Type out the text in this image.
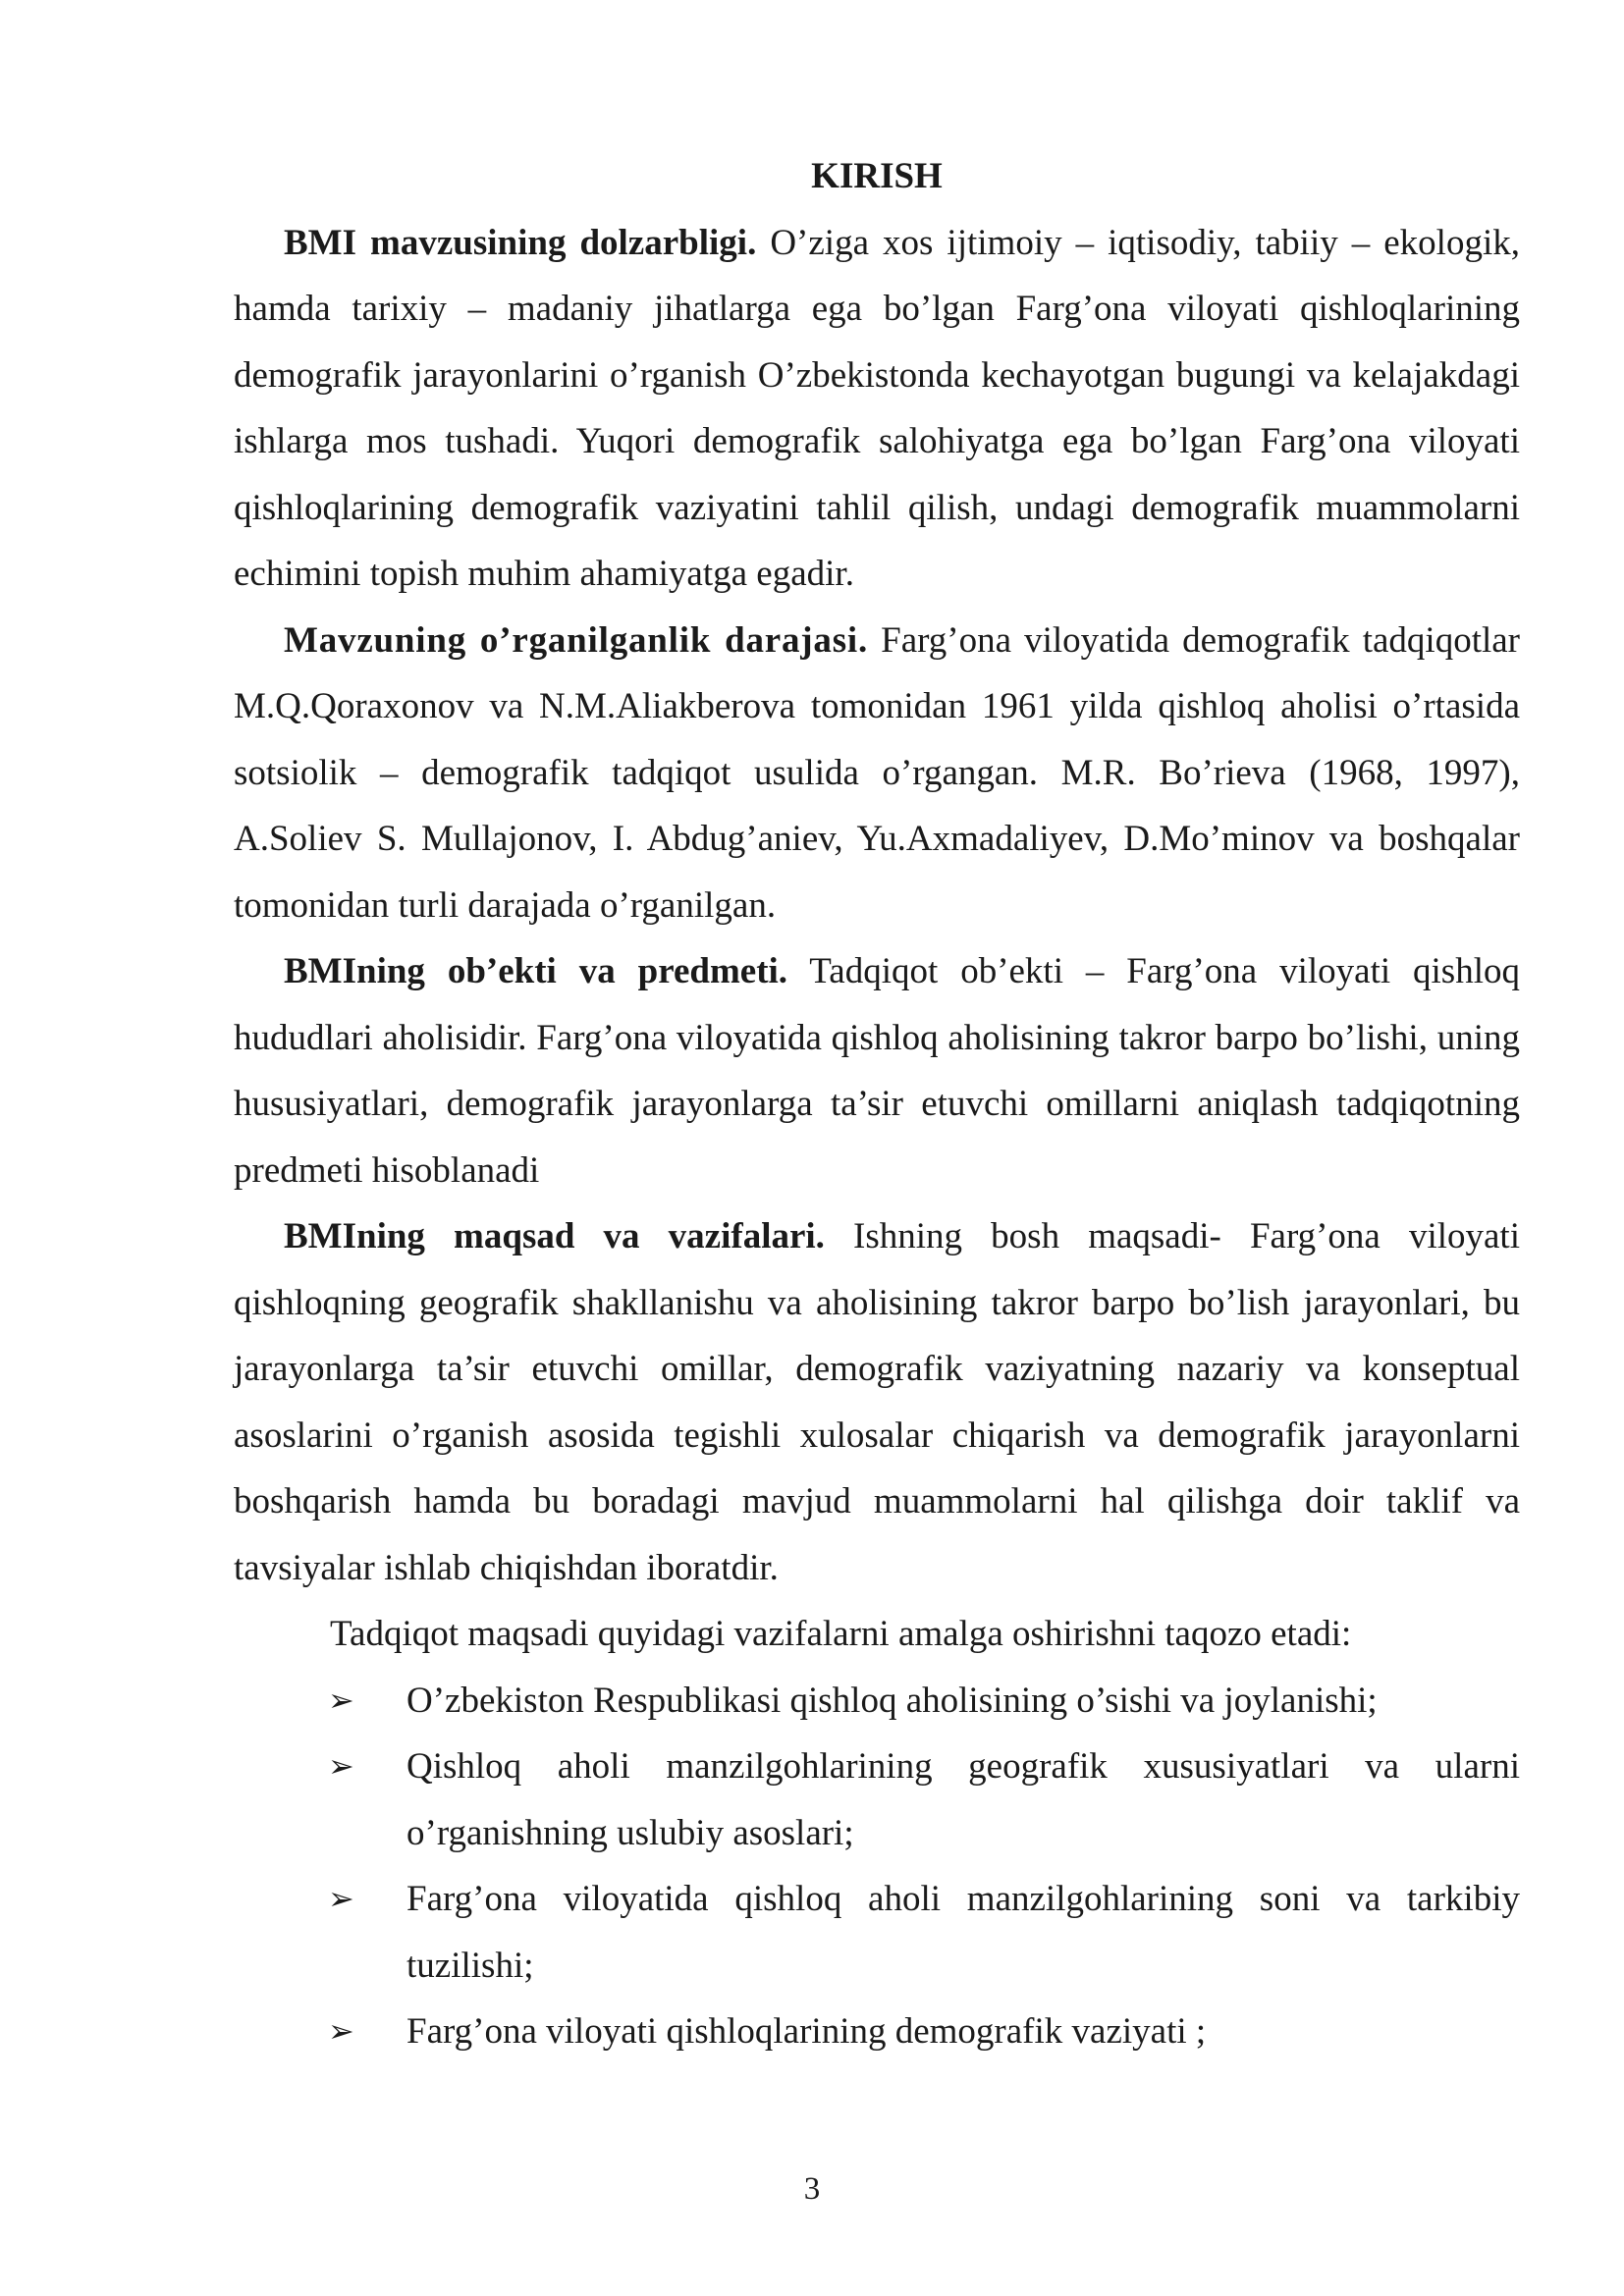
KIRISH

BMI mavzusining dolzarbligi. O’ziga xos ijtimoiy – iqtisodiy, tabiiy – ekologik, hamda tarixiy – madaniy jihatlarga ega bo’lgan Farg’ona viloyati qishloqlarining demografik jarayonlarini o’rganish O’zbekistonda kechayotgan bugungi va kelajakdagi ishlarga mos tushadi. Yuqori demografik salohiyatga ega bo’lgan Farg’ona viloyati qishloqlarining demografik vaziyatini tahlil qilish, undagi demografik muammolarni echimini topish muhim ahamiyatga egadir.

Mavzuning o’rganilganlik darajasi. Farg’ona viloyatida demografik tadqiqotlar M.Q.Qoraxonov va N.M.Aliakberova tomonidan 1961 yilda qishloq aholisi o’rtasida sotsiolik – demografik tadqiqot usulida o’rgangan. M.R. Bo’rieva (1968, 1997), A.Soliev S. Mullajonov, I. Abdug’aniev, Yu.Axmadaliyev, D.Mo’minov va boshqalar tomonidan turli darajada o’rganilgan.

BMIning ob’ekti va predmeti. Tadqiqot ob’ekti – Farg’ona viloyati qishloq hududlari aholisidir. Farg’ona viloyatida qishloq aholisining takror barpo bo’lishi, uning hususiyatlari, demografik jarayonlarga ta’sir etuvchi omillarni aniqlash tadqiqotning predmeti hisoblanadi

BMIning maqsad va vazifalari. Ishning bosh maqsadi- Farg’ona viloyati qishloqning geografik shakllanishu va aholisining takror barpo bo’lish jarayonlari, bu jarayonlarga ta’sir etuvchi omillar, demografik vaziyatning nazariy va konseptual asoslarini o’rganish asosida tegishli xulosalar chiqarish va demografik jarayonlarni boshqarish hamda bu boradagi mavjud muammolarni hal qilishga doir taklif va tavsiyalar ishlab chiqishdan iboratdir.

Tadqiqot maqsadi quyidagi vazifalarni amalga oshirishni taqozo etadi:

➢ O’zbekiston Respublikasi qishloq aholisining o’sishi va joylanishi;
➢ Qishloq aholi manzilgohlarining geografik xususiyatlari va ularni o’rganishning uslubiy asoslari;
➢ Farg’ona viloyatida qishloq aholi manzilgohlarining soni va tarkibiy tuzilishi;
➢ Farg’ona viloyati qishloqlarining demografik vaziyati ;
3
